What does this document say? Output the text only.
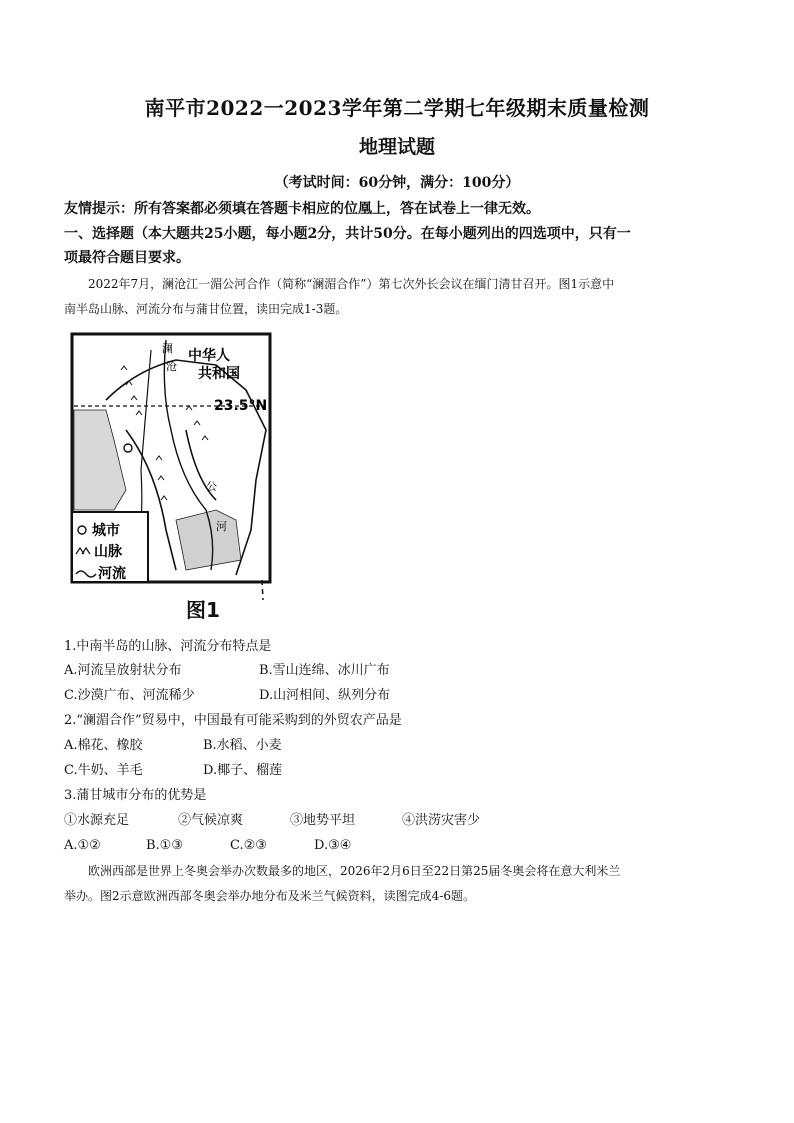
南平市2022一2023学年第二学期七年级期末质量检测
地理试题
（考试时间：60分钟，满分：100分）
友情提示：所有答案都必须填在答题卡相应的位凰上，答在试卷上一律无效。
一、选择题（本大题共25小题，每小题2分，共计50分。在每小题列出的四选项中，只有一
项最符合题目要求。
2022年7月，澜沧江一湄公河合作（简称“澜湄合作”）第七次外长会议在缅门清甘召开。图1示意中
南半岛山脉、河流分布与蒲甘位置，读田完成1-3题。
中华人
共和国
23.5°N
澜
沧
公
河
城市
山脉
河流
图1
1.中南半岛的山脉、河流分布特点是
A.河流呈放射状分布	B.雪山连绵、冰川广布
C.沙漠广布、河流稀少	D.山河相间、纵列分布
2.“澜湄合作”贸易中，中国最有可能采购到的外贸农产品是
A.棉花、橡胶	B.水稻、小麦
C.牛奶、羊毛	D.椰子、榴莲
3.蒲甘城市分布的优势是
①水源充足	②气候凉爽	③地势平坦	④洪涝灾害少
A.①②	B.①③	C.②③	D.③④
欧洲西部是世界上冬奥会举办次数最多的地区，2026年2月6日至22日第25届冬奥会将在意大利米兰
举办。图2示意欧洲西部冬奥会举办地分布及米兰气候资料，读图完成4-6题。
